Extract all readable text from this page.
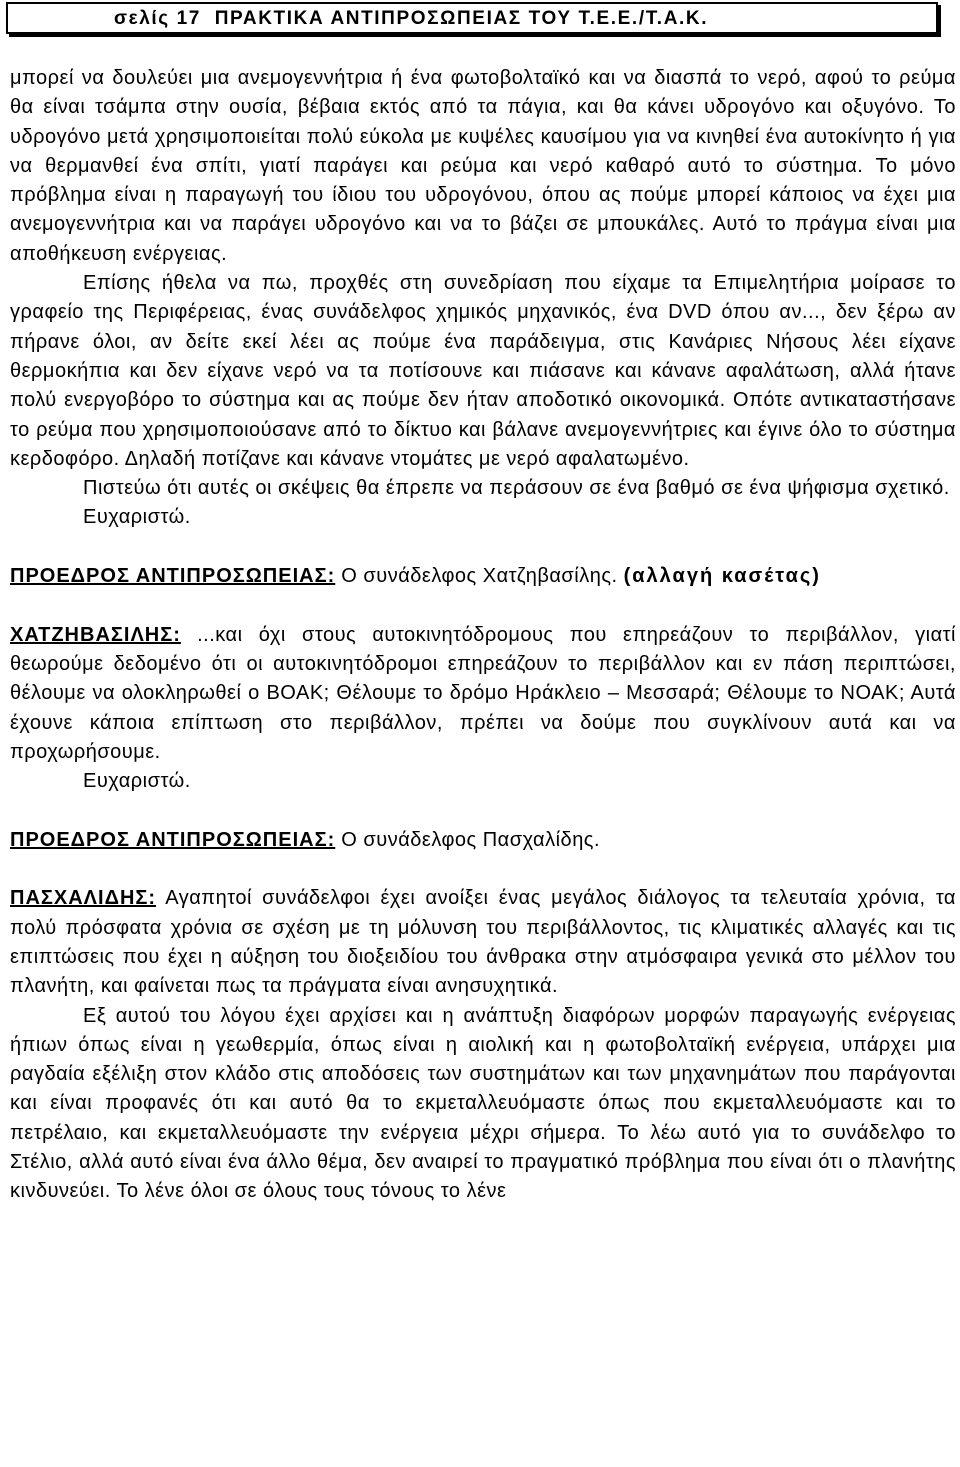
σελίς 17  ΠΡΑΚΤΙΚΑ ΑΝΤΙΠΡΟΣΩΠΕΙΑΣ ΤΟΥ Τ.Ε.Ε./Τ.Α.Κ.

μπορεί να δουλεύει μια ανεμογεννήτρια ή ένα φωτοβολταϊκό και να διασπά το νερό, αφού το ρεύμα θα είναι τσάμπα στην ουσία, βέβαια εκτός από τα πάγια, και θα κάνει υδρογόνο και οξυγόνο. Το υδρογόνο μετά χρησιμοποιείται πολύ εύκολα με κυψέλες καυσίμου για να κινηθεί ένα αυτοκίνητο ή για να θερμανθεί ένα σπίτι, γιατί παράγει και ρεύμα και νερό καθαρό αυτό το σύστημα. Το μόνο πρόβλημα είναι η παραγωγή του ίδιου του υδρογόνου, όπου ας πούμε μπορεί κάποιος να έχει μια ανεμογεννήτρια και να παράγει υδρογόνο και να το βάζει σε μπουκάλες. Αυτό το πράγμα είναι μια αποθήκευση ενέργειας.

Επίσης ήθελα να πω, προχθές στη συνεδρίαση που είχαμε τα Επιμελητήρια μοίρασε το γραφείο της Περιφέρειας, ένας συνάδελφος χημικός μηχανικός, ένα DVD όπου αν..., δεν ξέρω αν πήρανε όλοι, αν δείτε εκεί λέει ας πούμε ένα παράδειγμα, στις Κανάριες Νήσους λέει είχανε θερμοκήπια και δεν είχανε νερό να τα ποτίσουνε και πιάσανε και κάνανε αφαλάτωση, αλλά ήτανε πολύ ενεργοβόρο το σύστημα και ας πούμε δεν ήταν αποδοτικό οικονομικά. Οπότε αντικαταστήσανε το ρεύμα που χρησιμοποιούσανε από το δίκτυο και βάλανε ανεμογεννήτριες και έγινε όλο το σύστημα κερδοφόρο. Δηλαδή ποτίζανε και κάνανε ντομάτες με νερό αφαλατωμένο.

Πιστεύω ότι αυτές οι σκέψεις θα έπρεπε να περάσουν σε ένα βαθμό σε ένα ψήφισμα σχετικό.

Ευχαριστώ.

ΠΡΟΕΔΡΟΣ ΑΝΤΙΠΡΟΣΩΠΕΙΑΣ: Ο συνάδελφος Χατζηβασίλης. (αλλαγή κασέτας)

ΧΑΤΖΗΒΑΣΙΛΗΣ: ...και όχι στους αυτοκινητόδρομους που επηρεάζουν το περιβάλλον, γιατί θεωρούμε δεδομένο ότι οι αυτοκινητόδρομοι επηρεάζουν το περιβάλλον και εν πάση περιπτώσει, θέλουμε να ολοκληρωθεί ο ΒΟΑΚ; Θέλουμε το δρόμο Ηράκλειο – Μεσσαρά; Θέλουμε το ΝΟΑΚ; Αυτά έχουνε κάποια επίπτωση στο περιβάλλον, πρέπει να δούμε που συγκλίνουν αυτά και να προχωρήσουμε.

Ευχαριστώ.

ΠΡΟΕΔΡΟΣ ΑΝΤΙΠΡΟΣΩΠΕΙΑΣ: Ο συνάδελφος Πασχαλίδης.

ΠΑΣΧΑΛΙΔΗΣ: Αγαπητοί συνάδελφοι έχει ανοίξει ένας μεγάλος διάλογος τα τελευταία χρόνια, τα πολύ πρόσφατα χρόνια σε σχέση με τη μόλυνση του περιβάλλοντος, τις κλιματικές αλλαγές και τις επιπτώσεις που έχει η αύξηση του διοξειδίου του άνθρακα στην ατμόσφαιρα γενικά στο μέλλον του πλανήτη, και φαίνεται πως τα πράγματα είναι ανησυχητικά.

Εξ αυτού του λόγου έχει αρχίσει και η ανάπτυξη διαφόρων μορφών παραγωγής ενέργειας ήπιων όπως είναι η γεωθερμία, όπως είναι η αιολική και η φωτοβολταϊκή ενέργεια, υπάρχει μια ραγδαία εξέλιξη στον κλάδο στις αποδόσεις των συστημάτων και των μηχανημάτων που παράγονται και είναι προφανές ότι και αυτό θα το εκμεταλλευόμαστε όπως που εκμεταλλευόμαστε και το πετρέλαιο, και εκμεταλλευόμαστε την ενέργεια μέχρι σήμερα. Το λέω αυτό για το συνάδελφο το Στέλιο, αλλά αυτό είναι ένα άλλο θέμα, δεν αναιρεί το πραγματικό πρόβλημα που είναι ότι ο πλανήτης κινδυνεύει. Το λένε όλοι σε όλους τους τόνους το λένε
